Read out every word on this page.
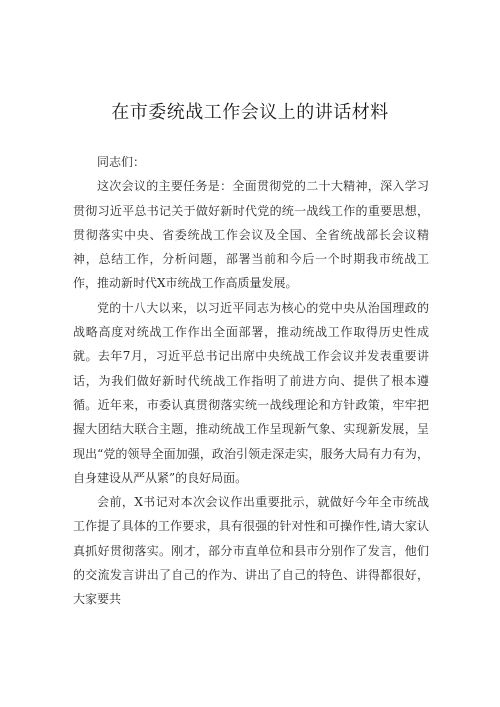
在市委统战工作会议上的讲话材料

同志们：

这次会议的主要任务是：全面贯彻党的二十大精神，深入学习贯彻习近平总书记关于做好新时代党的统一战线工作的重要思想，贯彻落实中央、省委统战工作会议及全国、全省统战部长会议精神，总结工作，分析问题，部署当前和今后一个时期我市统战工作，推动新时代X市统战工作高质量发展。

党的十八大以来，以习近平同志为核心的党中央从治国理政的战略高度对统战工作作出全面部署，推动统战工作取得历史性成就。去年7月，习近平总书记出席中央统战工作会议并发表重要讲话，为我们做好新时代统战工作指明了前进方向、提供了根本遵循。近年来，市委认真贯彻落实统一战线理论和方针政策，牢牢把握大团结大联合主题，推动统战工作呈现新气象、实现新发展，呈现出“党的领导全面加强，政治引领走深走实，服务大局有力有为，自身建设从严从紧”的良好局面。

会前，X书记对本次会议作出重要批示，就做好今年全市统战工作提了具体的工作要求，具有很强的针对性和可操作性,请大家认真抓好贯彻落实。刚才，部分市直单位和县市分别作了发言，他们的交流发言讲出了自己的作为、讲出了自己的特色、讲得都很好，大家要共
